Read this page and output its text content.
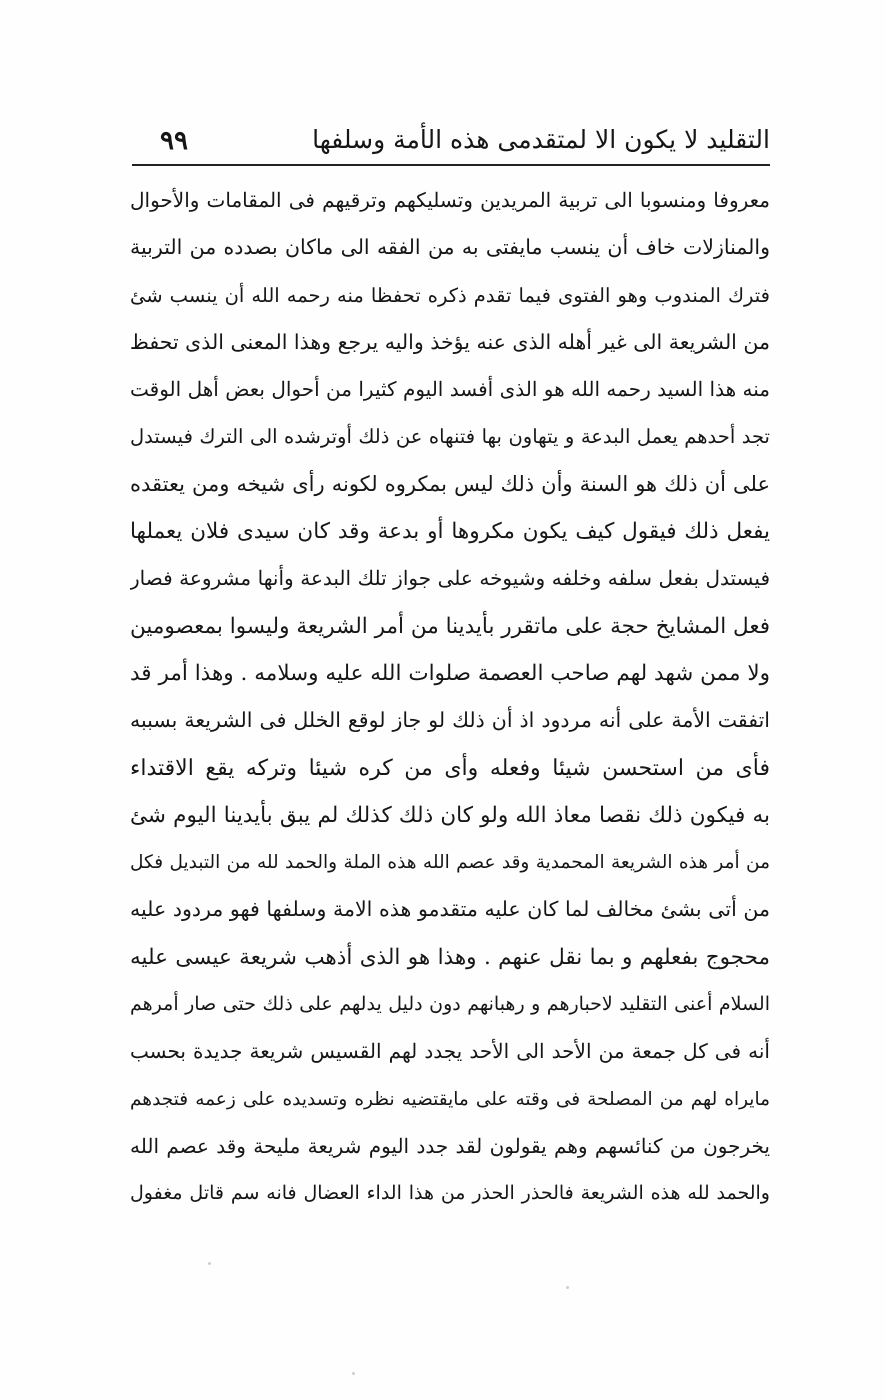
التقليد لا يكون الا لمتقدمى هذه الأمة وسلفها
٩٩
معروفا ومنسوبا الى تربية المريدين وتسليكهم وترقيهم فى المقامات والأحوال
والمنازلات خاف أن ينسب مايفتى به من الفقه الى ماكان بصدده من التربية
فترك المندوب وهو الفتوى فيما تقدم ذكره تحفظا منه رحمه الله أن ينسب شئ
من الشريعة الى غير أهله الذى عنه يؤخذ واليه يرجع وهذا المعنى الذى تحفظ
منه هذا السيد رحمه الله هو الذى أفسد اليوم كثيرا من أحوال بعض أهل الوقت
تجد أحدهم يعمل البدعة و يتهاون بها فتنهاه عن ذلك أوترشده الى الترك فيستدل
على أن ذلك هو السنة وأن ذلك ليس بمكروه لكونه رأى شيخه ومن يعتقده
يفعل ذلك فيقول كيف يكون مكروها أو بدعة وقد كان سيدى فلان يعملها
فيستدل بفعل سلفه وخلفه وشيوخه على جواز تلك البدعة وأنها مشروعة فصار
فعل المشايخ حجة على ماتقرر بأيدينا من أمر الشريعة وليسوا بمعصومين
ولا ممن شهد لهم صاحب العصمة صلوات الله عليه وسلامه . وهذا أمر قد
اتفقت الأمة على أنه مردود اذ أن ذلك لو جاز لوقع الخلل فى الشريعة بسببه
فأى من استحسن شيئا وفعله وأى من كره شيئا وتركه يقع الاقتداء
به فيكون ذلك نقصا معاذ الله ولو كان ذلك كذلك لم يبق بأيدينا اليوم شئ
من أمر هذه الشريعة المحمدية وقد عصم الله هذه الملة والحمد لله من التبديل فكل
من أتى بشئ مخالف لما كان عليه متقدمو هذه الامة وسلفها فهو مردود عليه
محجوج بفعلهم و بما نقل عنهم . وهذا هو الذى أذهب شريعة عيسى عليه
السلام أعنى التقليد لاحبارهم و رهبانهم دون دليل يدلهم على ذلك حتى صار أمرهم
أنه فى كل جمعة من الأحد الى الأحد يجدد لهم القسيس شريعة جديدة بحسب
مايراه لهم من المصلحة فى وقته على مايقتضيه نظره وتسديده على زعمه فتجدهم
يخرجون من كنائسهم وهم يقولون لقد جدد اليوم شريعة مليحة وقد عصم الله
والحمد لله هذه الشريعة فالحذر الحذر من هذا الداء العضال فانه سم قاتل مغفول
